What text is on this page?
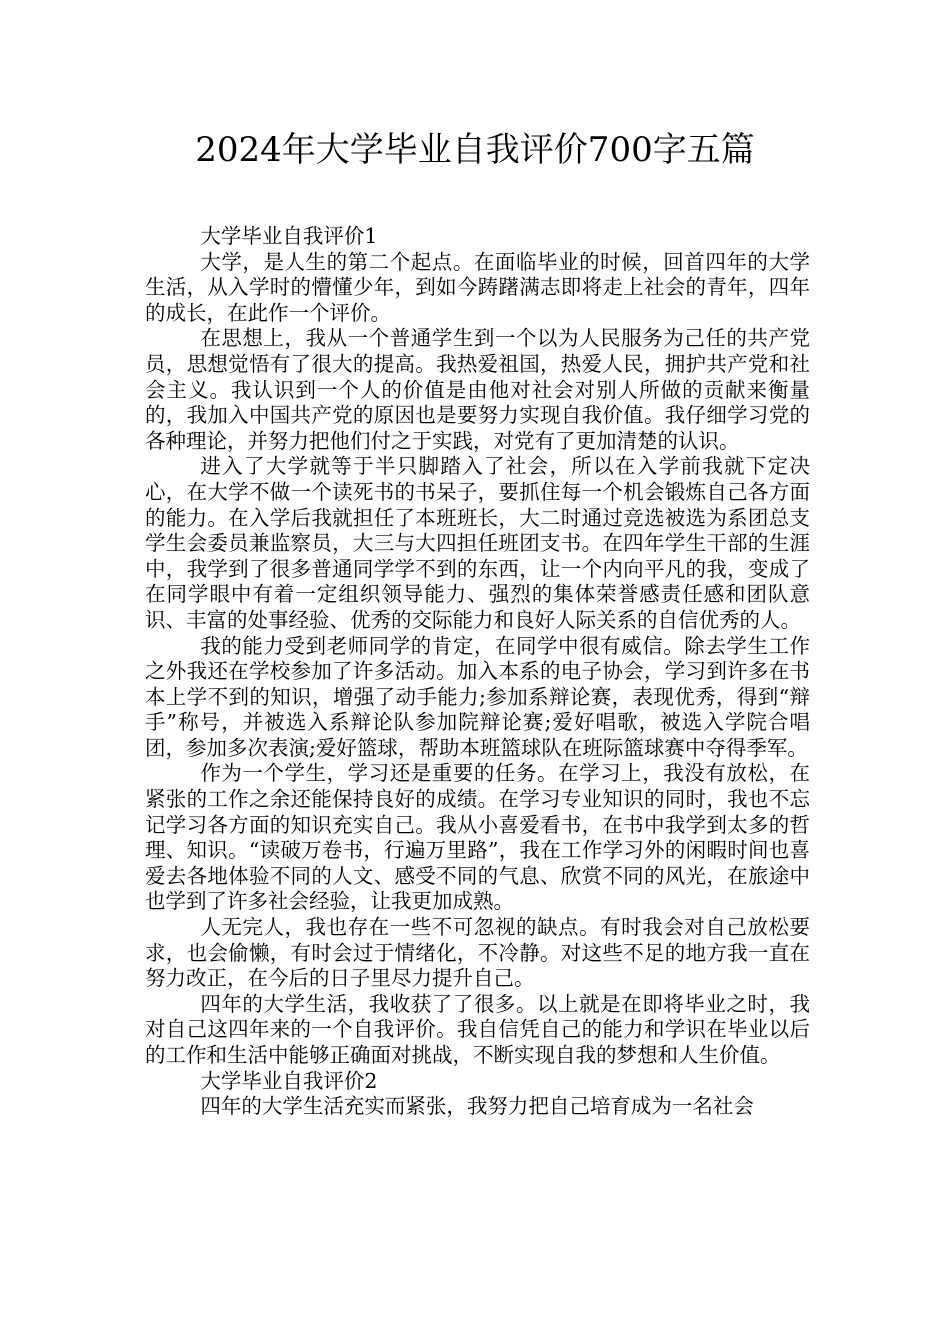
2024年大学毕业自我评价700字五篇

大学毕业自我评价1

大学，是人生的第二个起点。在面临毕业的时候，回首四年的大学生活，从入学时的懵懂少年，到如今踌躇满志即将走上社会的青年，四年的成长，在此作一个评价。

在思想上，我从一个普通学生到一个以为人民服务为己任的共产党员，思想觉悟有了很大的提高。我热爱祖国，热爱人民，拥护共产党和社会主义。我认识到一个人的价值是由他对社会对别人所做的贡献来衡量的，我加入中国共产党的原因也是要努力实现自我价值。我仔细学习党的各种理论，并努力把他们付之于实践，对党有了更加清楚的认识。

进入了大学就等于半只脚踏入了社会，所以在入学前我就下定决心，在大学不做一个读死书的书呆子，要抓住每一个机会锻炼自己各方面的能力。在入学后我就担任了本班班长，大二时通过竞选被选为系团总支学生会委员兼监察员，大三与大四担任班团支书。在四年学生干部的生涯中，我学到了很多普通同学学不到的东西，让一个内向平凡的我，变成了在同学眼中有着一定组织领导能力、强烈的集体荣誉感责任感和团队意识、丰富的处事经验、优秀的交际能力和良好人际关系的自信优秀的人。

我的能力受到老师同学的肯定，在同学中很有威信。除去学生工作之外我还在学校参加了许多活动。加入本系的电子协会，学习到许多在书本上学不到的知识，增强了动手能力;参加系辩论赛，表现优秀，得到“辩手”称号，并被选入系辩论队参加院辩论赛;爱好唱歌，被选入学院合唱团，参加多次表演;爱好篮球，帮助本班篮球队在班际篮球赛中夺得季军。

作为一个学生，学习还是重要的任务。在学习上，我没有放松，在紧张的工作之余还能保持良好的成绩。在学习专业知识的同时，我也不忘记学习各方面的知识充实自己。我从小喜爱看书，在书中我学到太多的哲理、知识。“读破万卷书，行遍万里路”，我在工作学习外的闲暇时间也喜爱去各地体验不同的人文、感受不同的气息、欣赏不同的风光，在旅途中也学到了许多社会经验，让我更加成熟。

人无完人，我也存在一些不可忽视的缺点。有时我会对自己放松要求，也会偷懒，有时会过于情绪化，不冷静。对这些不足的地方我一直在努力改正，在今后的日子里尽力提升自己。

四年的大学生活，我收获了了很多。以上就是在即将毕业之时，我对自己这四年来的一个自我评价。我自信凭自己的能力和学识在毕业以后的工作和生活中能够正确面对挑战，不断实现自我的梦想和人生价值。

大学毕业自我评价2

四年的大学生活充实而紧张，我努力把自己培育成为一名社会
